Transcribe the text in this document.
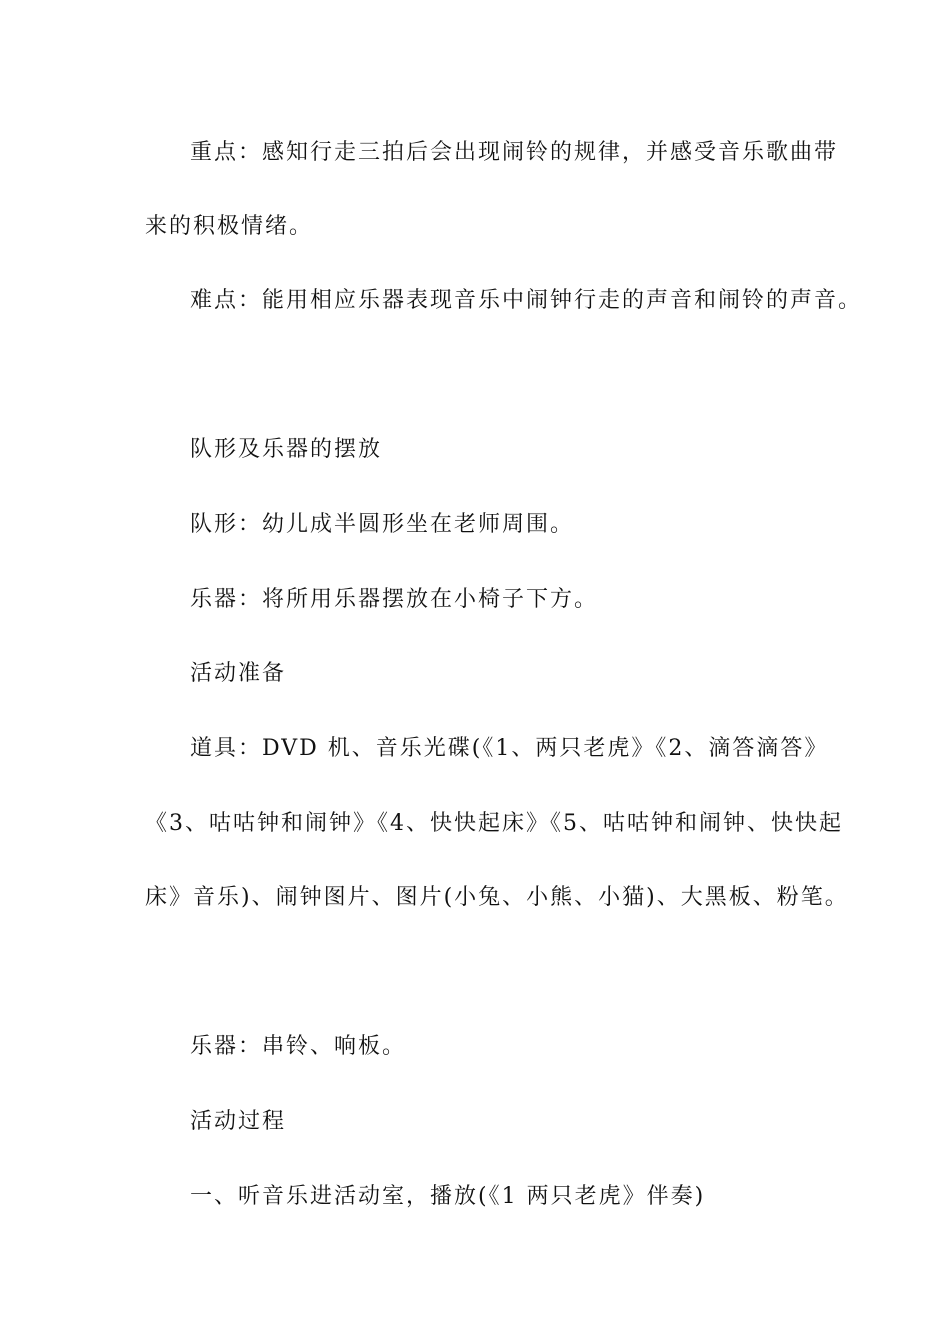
重点：感知行走三拍后会出现闹铃的规律，并感受音乐歌曲带
来的积极情绪。
难点：能用相应乐器表现音乐中闹钟行走的声音和闹铃的声音。
队形及乐器的摆放
队形：幼儿成半圆形坐在老师周围。
乐器：将所用乐器摆放在小椅子下方。
活动准备
道具：DVD 机、音乐光碟(《1、两只老虎》《2、滴答滴答》
《3、咕咕钟和闹钟》《4、快快起床》《5、咕咕钟和闹钟、快快起
床》音乐)、闹钟图片、图片(小兔、小熊、小猫)、大黑板、粉笔。
乐器：串铃、响板。
活动过程
一、听音乐进活动室，播放(《1 两只老虎》伴奏)
